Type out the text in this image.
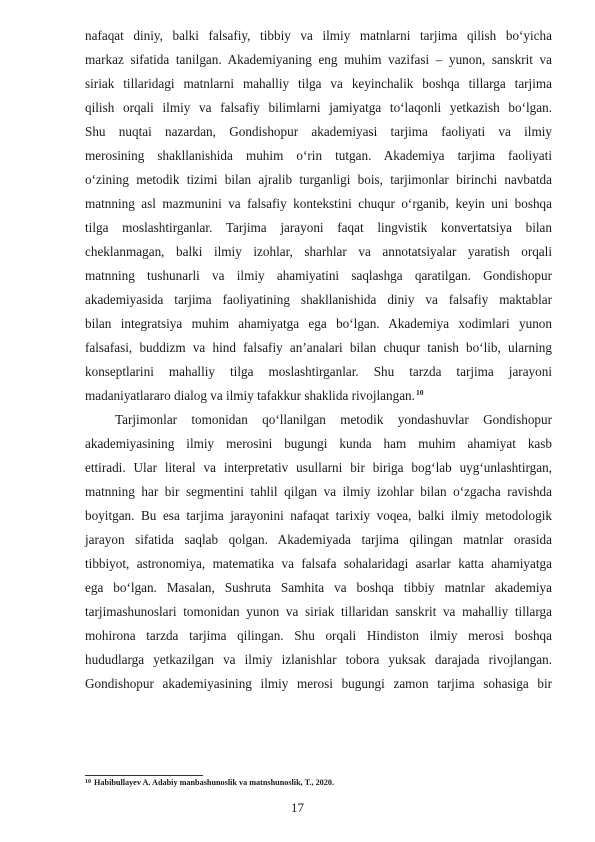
nafaqat diniy, balki falsafiy, tibbiy va ilmiy matnlarni tarjima qilish bo‘yicha
markaz sifatida tanilgan. Akademiyaning eng muhim vazifasi – yunon, sanskrit va
siriak tillaridagi matnlarni mahalliy tilga va keyinchalik boshqa tillarga tarjima
qilish orqali ilmiy va falsafiy bilimlarni jamiyatga to‘laqonli yetkazish bo‘lgan.
Shu nuqtai nazardan, Gondishopur akademiyasi tarjima faoliyati va ilmiy
merosining shakllanishida muhim o‘rin tutgan. Akademiya tarjima faoliyati
o‘zining metodik tizimi bilan ajralib turganligi bois, tarjimonlar birinchi navbatda
matnning asl mazmunini va falsafiy kontekstini chuqur o‘rganib, keyin uni boshqa
tilga moslashtirganlar. Tarjima jarayoni faqat lingvistik konvertatsiya bilan
cheklanmagan, balki ilmiy izohlar, sharhlar va annotatsiyalar yaratish orqali
matnning tushunarli va ilmiy ahamiyatini saqlashga qaratilgan. Gondishopur
akademiyasida tarjima faoliyatining shakllanishida diniy va falsafiy maktablar
bilan integratsiya muhim ahamiyatga ega bo‘lgan. Akademiya xodimlari yunon
falsafasi, buddizm va hind falsafiy an’analari bilan chuqur tanish bo‘lib, ularning
konseptlarini mahalliy tilga moslashtirganlar. Shu tarzda tarjima jarayoni
madaniyatlararo dialog va ilmiy tafakkur shaklida rivojlangan.$^{10}$
Tarjimonlar tomonidan qo‘llanilgan metodik yondashuvlar Gondishopur
akademiyasining ilmiy merosini bugungi kunda ham muhim ahamiyat kasb
ettiradi. Ular literal va interpretativ usullarni bir biriga bog‘lab uyg‘unlashtirgan,
matnning har bir segmentini tahlil qilgan va ilmiy izohlar bilan o‘zgacha ravishda
boyitgan. Bu esa tarjima jarayonini nafaqat tarixiy voqea, balki ilmiy metodologik
jarayon sifatida saqlab qolgan. Akademiyada tarjima qilingan matnlar orasida
tibbiyot, astronomiya, matematika va falsafa sohalaridagi asarlar katta ahamiyatga
ega bo‘lgan. Masalan, Sushruta Samhita va boshqa tibbiy matnlar akademiya
tarjimashunoslari tomonidan yunon va siriak tillaridan sanskrit va mahalliy tillarga
mohirona tarzda tarjima qilingan. Shu orqali Hindiston ilmiy merosi boshqa
hududlarga yetkazilgan va ilmiy izlanishlar tobora yuksak darajada rivojlangan.
Gondishopur akademiyasining ilmiy merosi bugungi zamon tarjima sohasiga bir
$^{10}$ Habibullayev A. Adabiy manbashunoslik va matnshunoslik, T., 2020.
17
